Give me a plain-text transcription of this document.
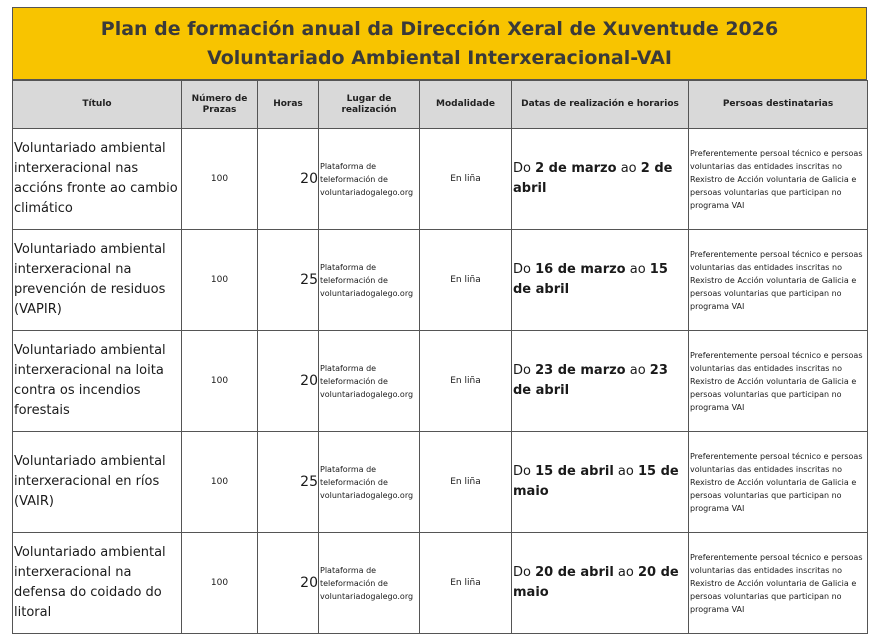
Plan de formación anual da Dirección Xeral de Xuventude 2026
Voluntariado Ambiental Interxeracional-VAI
Título	Número de Prazas	Horas	Lugar de realización	Modalidade	Datas de realización e horarios	Persoas destinatarias
Voluntariado ambiental interxeracional nas accións fronte ao cambio climático	100	20	Plataforma de teleformación de voluntariadogalego.org	En liña	Do 2 de marzo ao 2 de abril	Preferentemente persoal técnico e persoas voluntarias das entidades inscritas no Rexistro de Acción voluntaria de Galicia e persoas voluntarias que participan no programa VAI
Voluntariado ambiental interxeracional na prevención de residuos (VAPIR)	100	25	Plataforma de teleformación de voluntariadogalego.org	En liña	Do 16 de marzo ao 15 de abril	Preferentemente persoal técnico e persoas voluntarias das entidades inscritas no Rexistro de Acción voluntaria de Galicia e persoas voluntarias que participan no programa VAI
Voluntariado ambiental interxeracional na loita contra os incendios forestais	100	20	Plataforma de teleformación de voluntariadogalego.org	En liña	Do 23 de marzo ao 23 de abril	Preferentemente persoal técnico e persoas voluntarias das entidades inscritas no Rexistro de Acción voluntaria de Galicia e persoas voluntarias que participan no programa VAI
Voluntariado ambiental interxeracional en ríos (VAIR)	100	25	Plataforma de teleformación de voluntariadogalego.org	En liña	Do 15 de abril ao 15 de maio	Preferentemente persoal técnico e persoas voluntarias das entidades inscritas no Rexistro de Acción voluntaria de Galicia e persoas voluntarias que participan no programa VAI
Voluntariado ambiental interxeracional na defensa do coidado do litoral	100	20	Plataforma de teleformación de voluntariadogalego.org	En liña	Do 20 de abril ao 20 de maio	Preferentemente persoal técnico e persoas voluntarias das entidades inscritas no Rexistro de Acción voluntaria de Galicia e persoas voluntarias que participan no programa VAI
